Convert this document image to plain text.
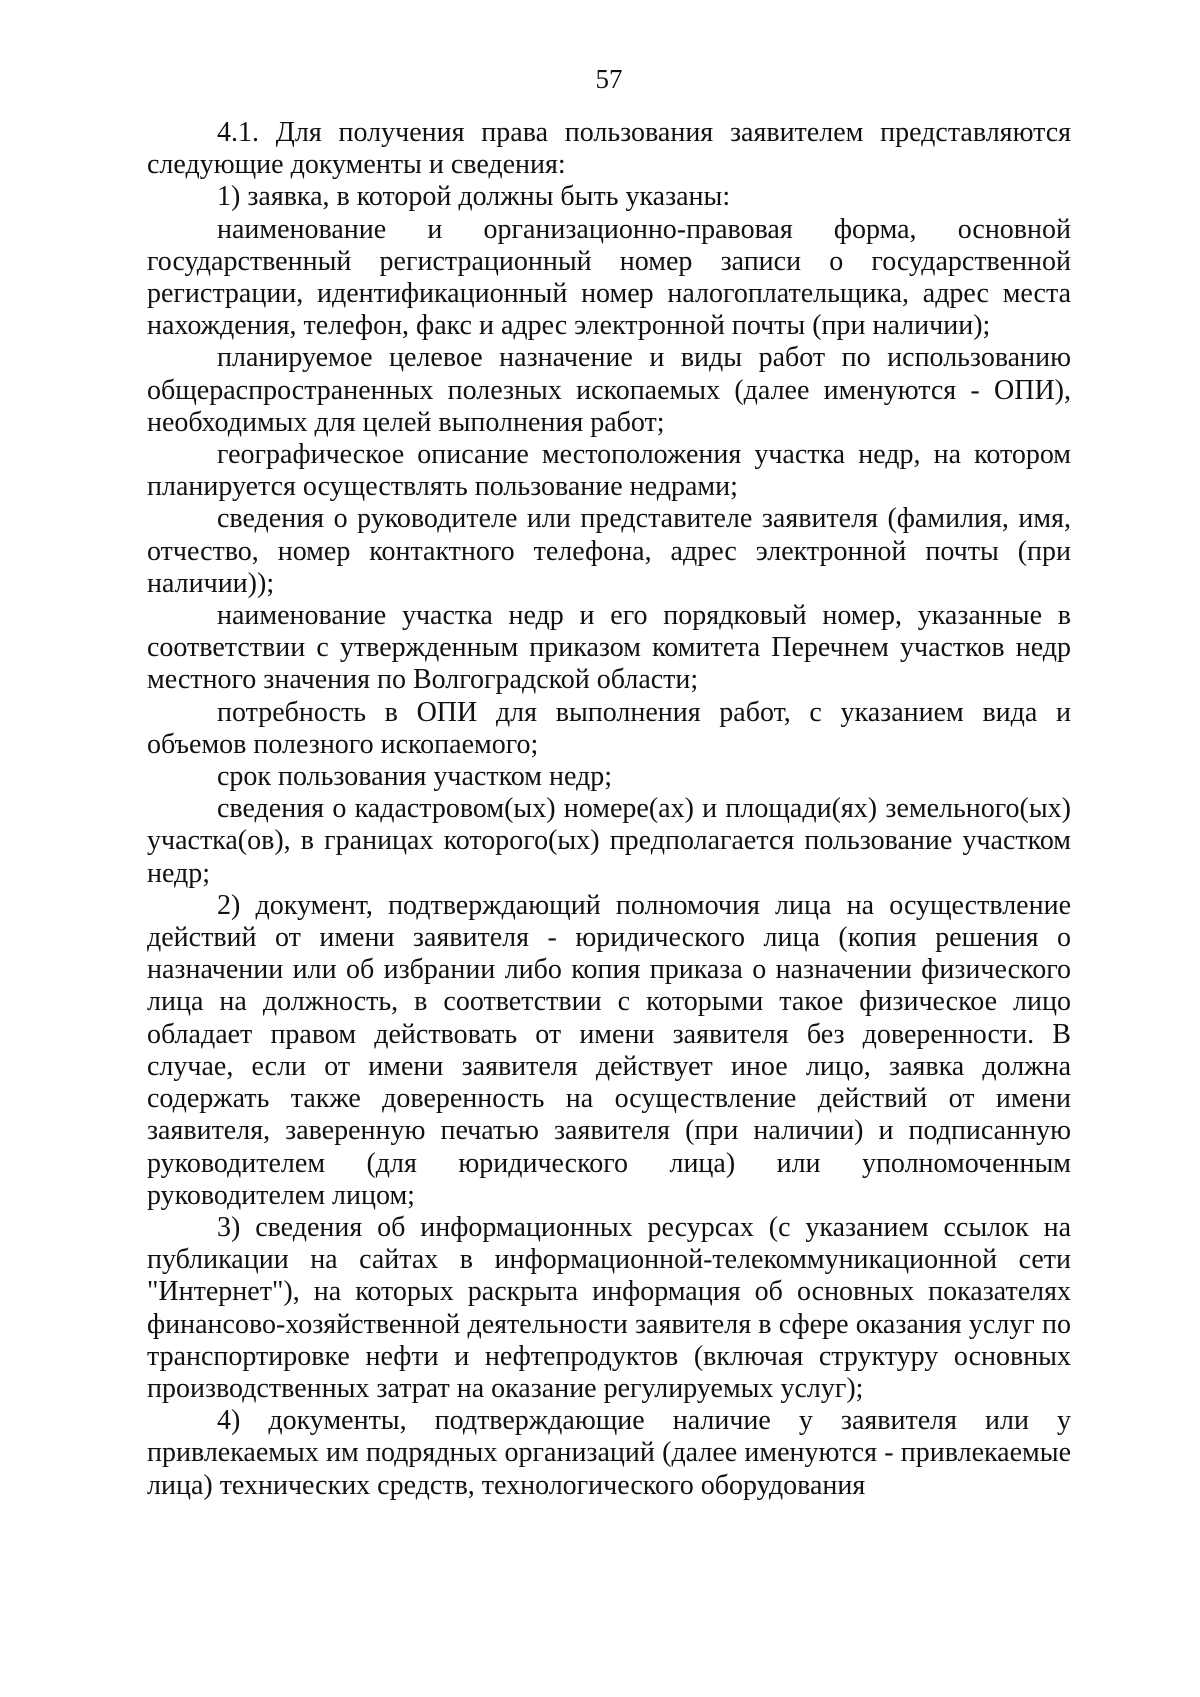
57

4.1. Для получения права пользования заявителем представляются следующие документы и сведения:

1) заявка, в которой должны быть указаны:

наименование и организационно-правовая форма, основной государственный регистрационный номер записи о государственной регистрации, идентификационный номер налогоплательщика, адрес места нахождения, телефон, факс и адрес электронной почты (при наличии);

планируемое целевое назначение и виды работ по использованию общераспространенных полезных ископаемых (далее именуются - ОПИ), необходимых для целей выполнения работ;

географическое описание местоположения участка недр, на котором планируется осуществлять пользование недрами;

сведения о руководителе или представителе заявителя (фамилия, имя, отчество, номер контактного телефона, адрес электронной почты (при наличии));

наименование участка недр и его порядковый номер, указанные в соответствии с утвержденным приказом комитета Перечнем участков недр местного значения по Волгоградской области;

потребность в ОПИ для выполнения работ, с указанием вида и объемов полезного ископаемого;

срок пользования участком недр;

сведения о кадастровом(ых) номере(ах) и площади(ях) земельного(ых) участка(ов), в границах которого(ых) предполагается пользование участком недр;

2) документ, подтверждающий полномочия лица на осуществление действий от имени заявителя - юридического лица (копия решения о назначении или об избрании либо копия приказа о назначении физического лица на должность, в соответствии с которыми такое физическое лицо обладает правом действовать от имени заявителя без доверенности. В случае, если от имени заявителя действует иное лицо, заявка должна содержать также доверенность на осуществление действий от имени заявителя, заверенную печатью заявителя (при наличии) и подписанную руководителем (для юридического лица) или уполномоченным руководителем лицом;

3) сведения об информационных ресурсах (с указанием ссылок на публикации на сайтах в информационной-телекоммуникационной сети "Интернет"), на которых раскрыта информация об основных показателях финансово-хозяйственной деятельности заявителя в сфере оказания услуг по транспортировке нефти и нефтепродуктов (включая структуру основных производственных затрат на оказание регулируемых услуг);

4) документы, подтверждающие наличие у заявителя или у привлекаемых им подрядных организаций (далее именуются - привлекаемые лица) технических средств, технологического оборудования
